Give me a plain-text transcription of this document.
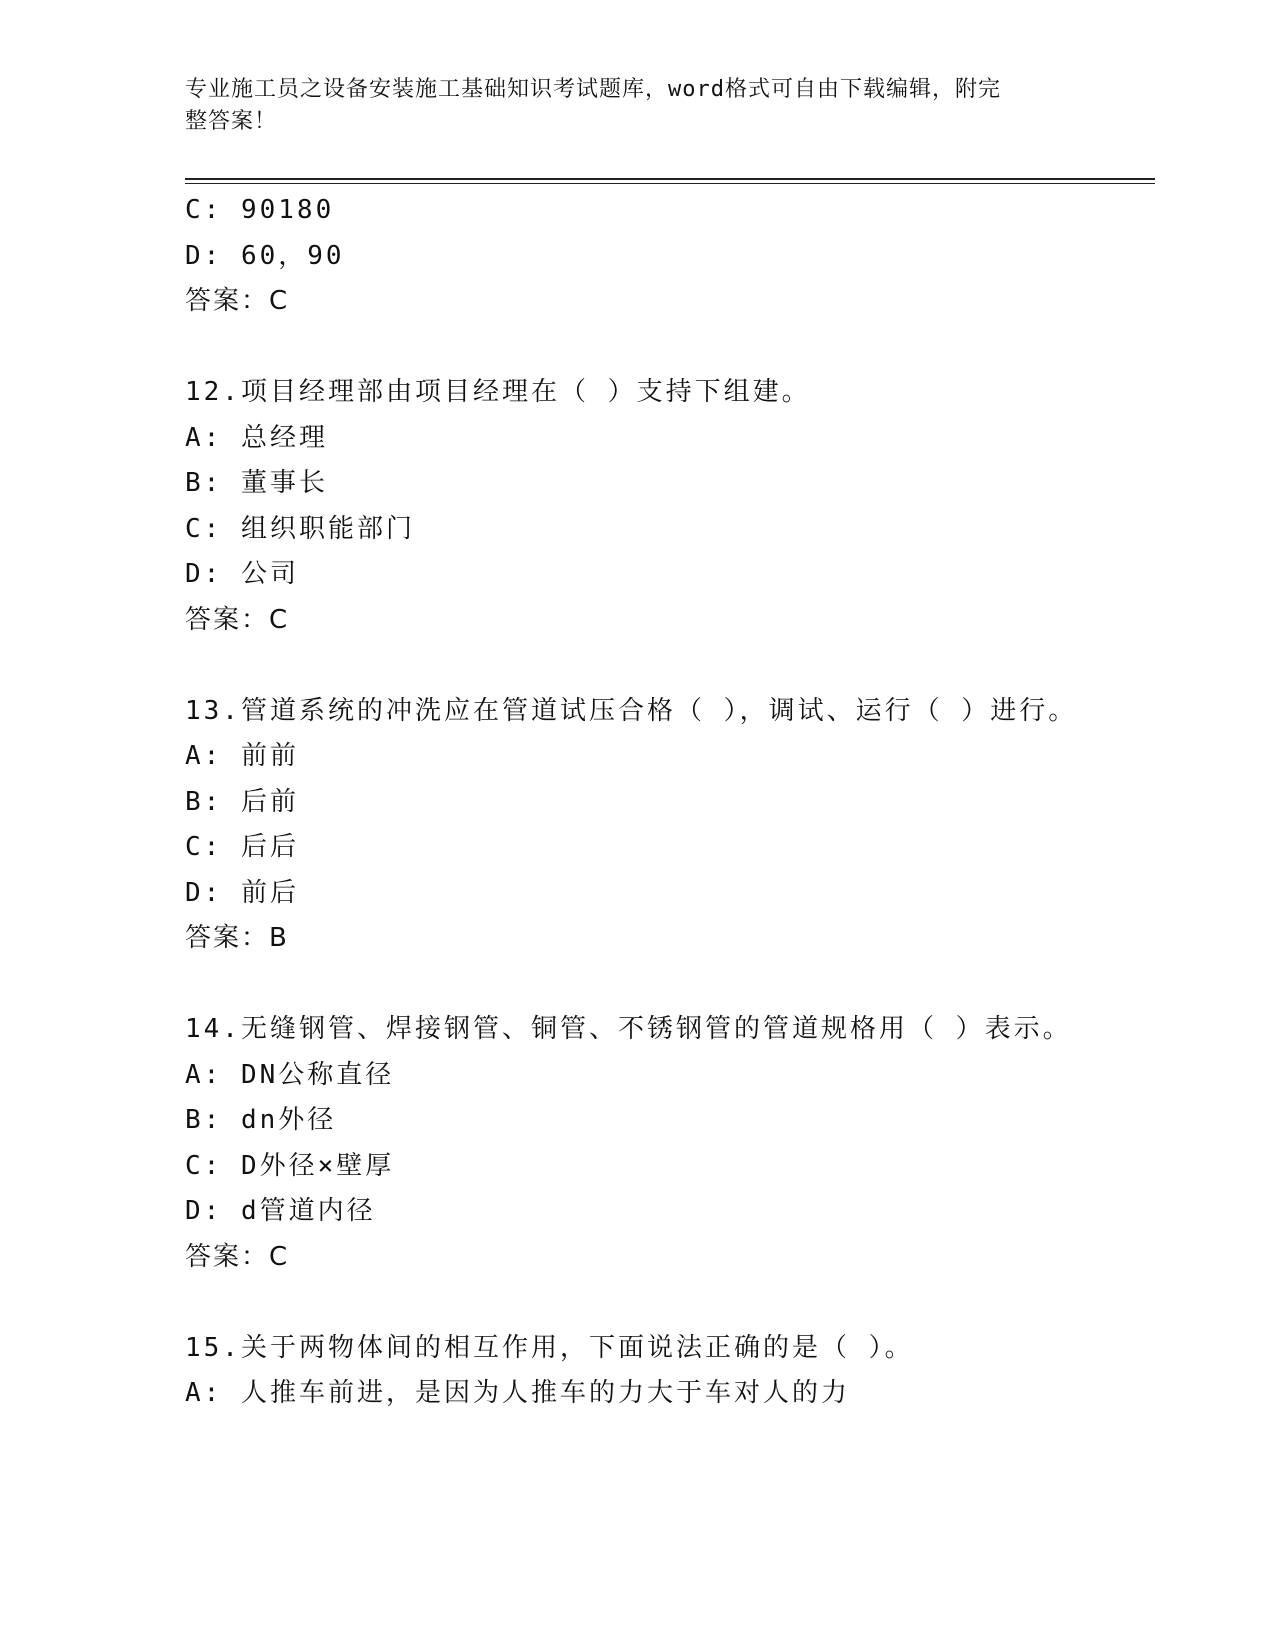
专业施工员之设备安装施工基础知识考试题库，word格式可自由下载编辑，附完
整答案！
C: 90180
D: 60，90
答案：C
12.项目经理部由项目经理在（ ）支持下组建。
A: 总经理
B: 董事长
C: 组织职能部门
D: 公司
答案：C
13.管道系统的冲洗应在管道试压合格（ ），调试、运行（ ）进行。
A: 前前
B: 后前
C: 后后
D: 前后
答案：B
14.无缝钢管、焊接钢管、铜管、不锈钢管的管道规格用（ ）表示。
A: DN公称直径
B: dn外径
C: D外径×壁厚
D: d管道内径
答案：C
15.关于两物体间的相互作用，下面说法正确的是（ ）。
A: 人推车前进，是因为人推车的力大于车对人的力
